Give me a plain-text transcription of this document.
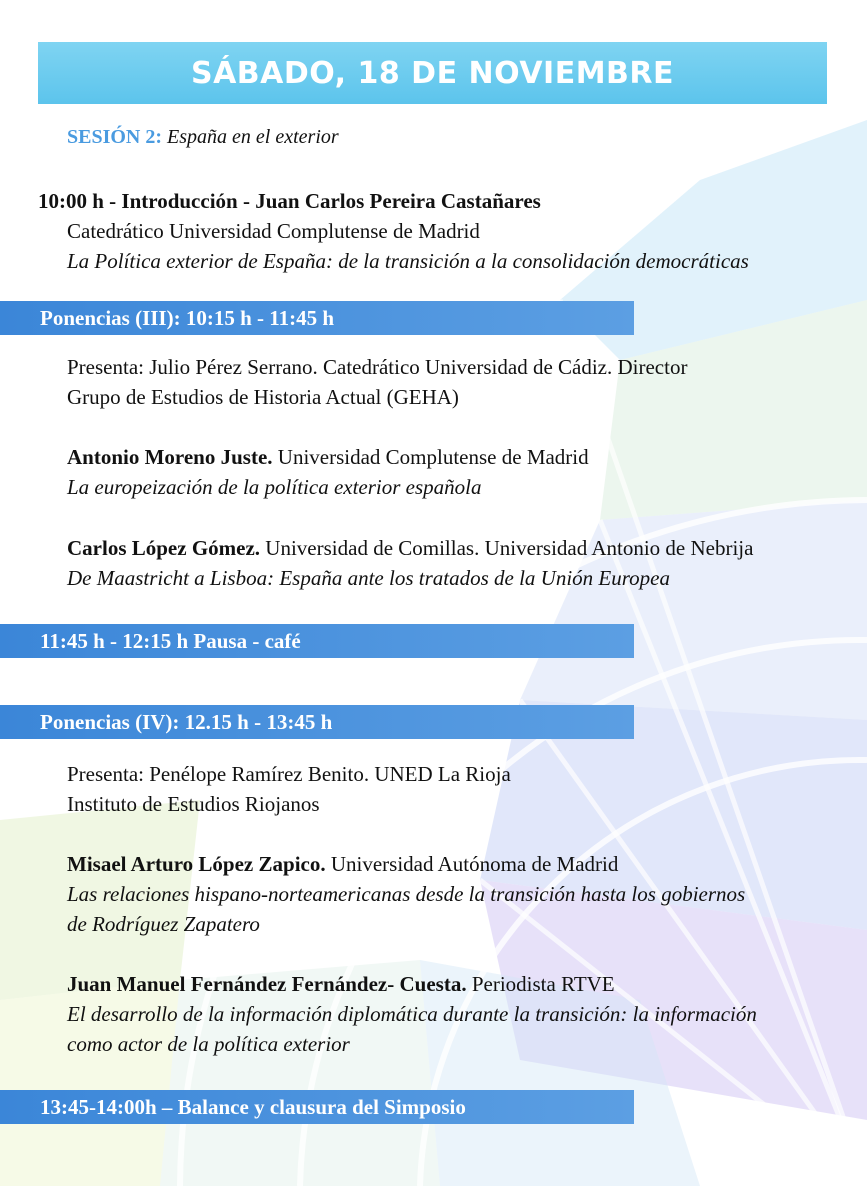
SÁBADO, 18 DE NOVIEMBRE
SESIÓN 2: España en el exterior
10:00 h - Introducción - Juan Carlos Pereira Castañares
Catedrático Universidad Complutense de Madrid
La Política exterior de España: de la transición a la consolidación democráticas
Ponencias (III): 10:15 h - 11:45 h
Presenta: Julio Pérez Serrano. Catedrático Universidad de Cádiz. Director
Grupo de Estudios de Historia Actual (GEHA)
Antonio Moreno Juste. Universidad Complutense de Madrid
La europeización de la política exterior española
Carlos López Gómez. Universidad de Comillas. Universidad Antonio de Nebrija
De Maastricht a Lisboa: España ante los tratados de la Unión Europea
11:45 h - 12:15 h Pausa - café
Ponencias (IV): 12.15 h - 13:45 h
Presenta: Penélope Ramírez Benito. UNED La Rioja
Instituto de Estudios Riojanos
Misael Arturo López Zapico. Universidad Autónoma de Madrid
Las relaciones hispano-norteamericanas desde la transición hasta los gobiernos
de Rodríguez Zapatero
Juan Manuel Fernández Fernández- Cuesta. Periodista RTVE
El desarrollo de la información diplomática durante la transición: la información
como actor de la política exterior
13:45-14:00h – Balance y clausura del Simposio
